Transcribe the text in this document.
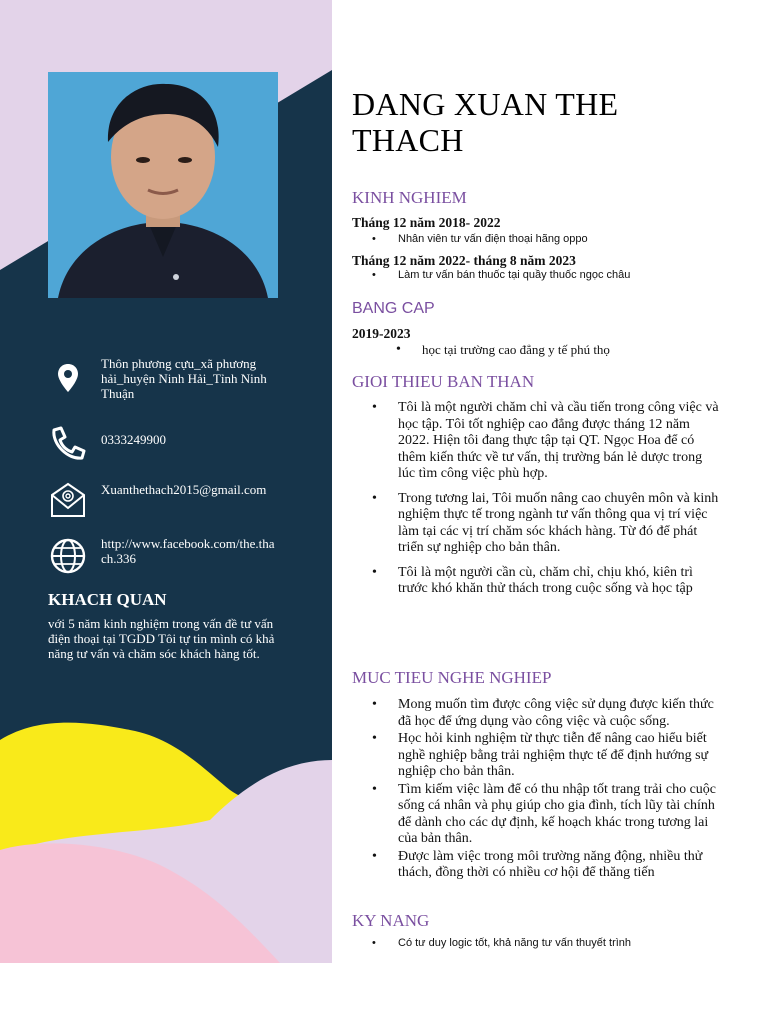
Thôn phương cựu_xã phương hải_huyện Ninh Hải_Tỉnh Ninh Thuận
0333249900
Xuanthethach2015@gmail.com
http://www.facebook.com/the.thach.336
KHACH QUAN

với 5 năm kinh nghiệm trong vấn đề tư vấn điện thoại tại TGDD Tôi tự tin mình có khả năng tư vấn và chăm sóc khách hàng tốt.

DANG XUAN THE THACH
KINH NGHIEM

Tháng 12 năm 2018- 2022

• Nhân viên tư vấn điện thoại hãng oppo

Tháng 12 năm 2022- tháng 8 năm 2023

• Làm tư vấn bán thuốc tại quầy thuốc ngọc châu

BANG CAP

2019-2023

• học tại trường cao đẳng y tế phú thọ
GIOI THIEU BAN THAN
• Tôi là một người chăm chỉ và cầu tiến trong công việc và học tập. Tôi tốt nghiệp cao đẳng được tháng 12 năm 2022. Hiện tôi đang thực tập tại QT. Ngọc Hoa để có thêm kiến thức về tư vấn, thị trường bán lẻ dược trong lúc tìm công việc phù hợp.
• Trong tương lai, Tôi muốn nâng cao chuyên môn và kinh nghiệm thực tế trong ngành tư vấn thông qua vị trí việc làm tại các vị trí chăm sóc khách hàng. Từ đó để phát triển sự nghiệp cho bản thân.
• Tôi là một người cần cù, chăm chỉ, chịu khó, kiên trì trước khó khăn thử thách trong cuộc sống và học tập
MUC TIEU NGHE NGHIEP
• Mong muốn tìm được công việc sử dụng được kiến thức đã học để ứng dụng vào công việc và cuộc sống.
• Học hỏi kinh nghiệm từ thực tiễn để nâng cao hiểu biết nghề nghiệp bằng trải nghiệm thực tế để định hướng sự nghiệp cho bản thân.
• Tìm kiếm việc làm để có thu nhập tốt trang trải cho cuộc sống cá nhân và phụ giúp cho gia đình, tích lũy tài chính để dành cho các dự định, kế hoạch khác trong tương lai của bản thân.
• Được làm việc trong môi trường năng động, nhiều thử thách, đồng thời có nhiều cơ hội để thăng tiến
KY NANG

• Có tư duy logic tốt, khả năng tư vấn thuyết trình
